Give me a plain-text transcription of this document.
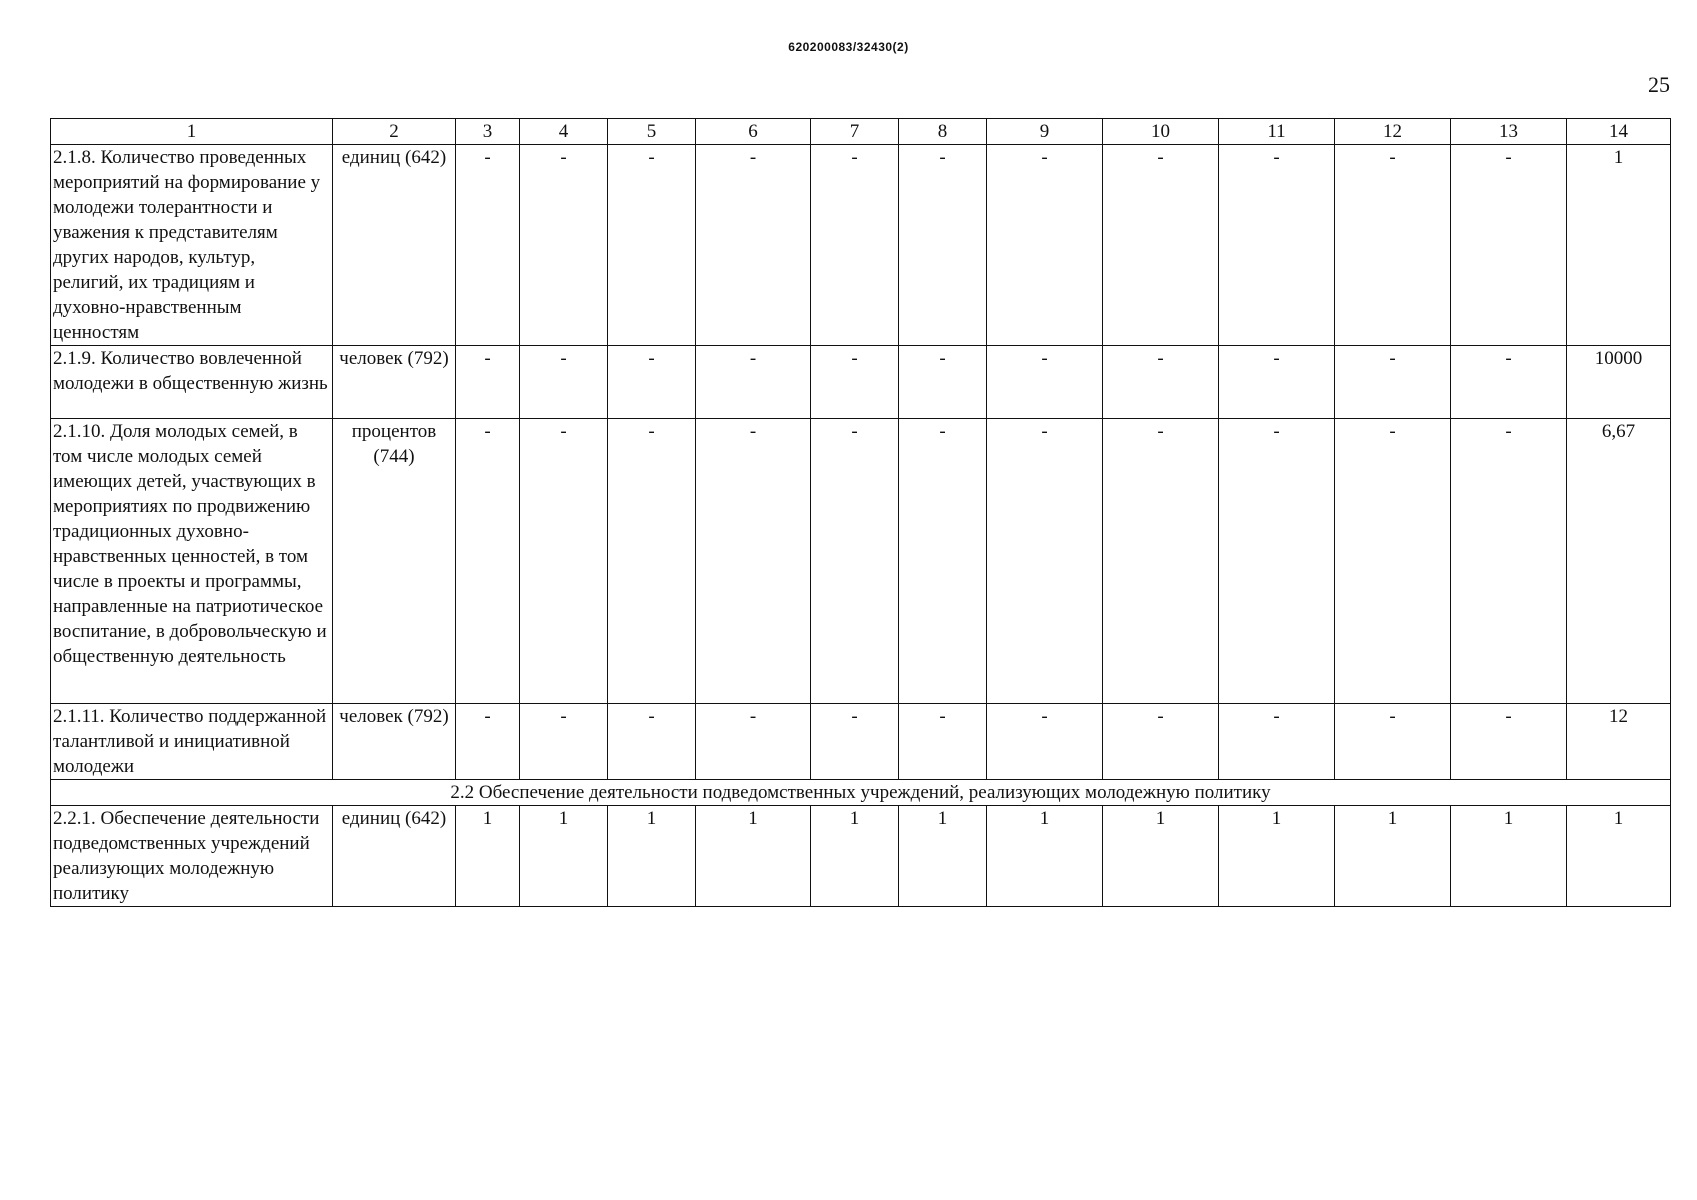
620200083/32430(2)
25
1	2	3	4	5	6	7	8	9	10	11	12	13	14
2.1.8. Количество проведенных мероприятий на формирование у молодежи толерантности и уважения к представителям других народов, культур, религий, их традициям и духовно-нравственным ценностям	единиц (642)	-	-	-	-	-	-	-	-	-	-	-	1
2.1.9. Количество вовлеченной молодежи в общественную жизнь	человек (792)	-	-	-	-	-	-	-	-	-	-	-	10000
2.1.10. Доля молодых семей, в том числе молодых семей имеющих детей, участвующих в мероприятиях по продвижению традиционных духовно-нравственных ценностей, в том числе в проекты и программы, направленные на патриотическое воспитание, в добровольческую и общественную деятельность	процентов (744)	-	-	-	-	-	-	-	-	-	-	-	6,67
2.1.11. Количество поддержанной талантливой и инициативной молодежи	человек (792)	-	-	-	-	-	-	-	-	-	-	-	12
2.2 Обеспечение деятельности подведомственных учреждений, реализующих молодежную политику													
2.2.1. Обеспечение деятельности подведомственных учреждений реализующих молодежную политику	единиц (642)	1	1	1	1	1	1	1	1	1	1	1	1
